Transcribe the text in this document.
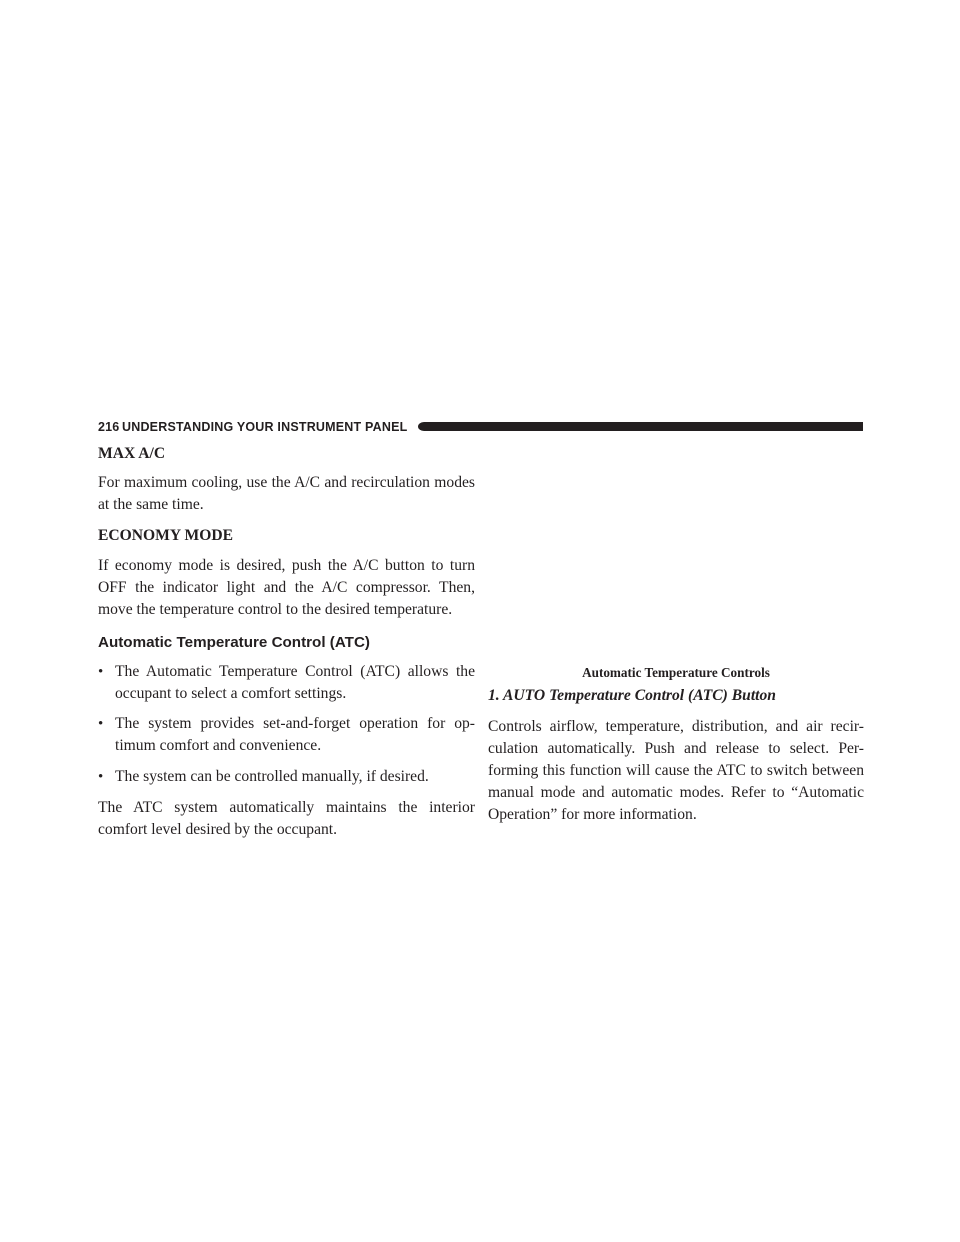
216 UNDERSTANDING YOUR INSTRUMENT PANEL
MAX A/C

For maximum cooling, use the A/C and recirculation modes at the same time.

ECONOMY MODE

If economy mode is desired, push the A/C button to turn OFF the indicator light and the A/C compressor. Then, move the temperature control to the desired temperature.

Automatic Temperature Control (ATC)
• The Automatic Temperature Control (ATC) allows the occupant to select a comfort settings.
• The system provides set-and-forget operation for op- timum comfort and convenience.
• The system can be controlled manually, if desired.

The ATC system automatically maintains the interior comfort level desired by the occupant.

Automatic Temperature Controls
1. AUTO Temperature Control (ATC) Button

Controls airflow, temperature, distribution, and air recir- culation automatically. Push and release to select. Per- forming this function will cause the ATC to switch between manual mode and automatic modes. Refer to “Automatic Operation” for more information.
